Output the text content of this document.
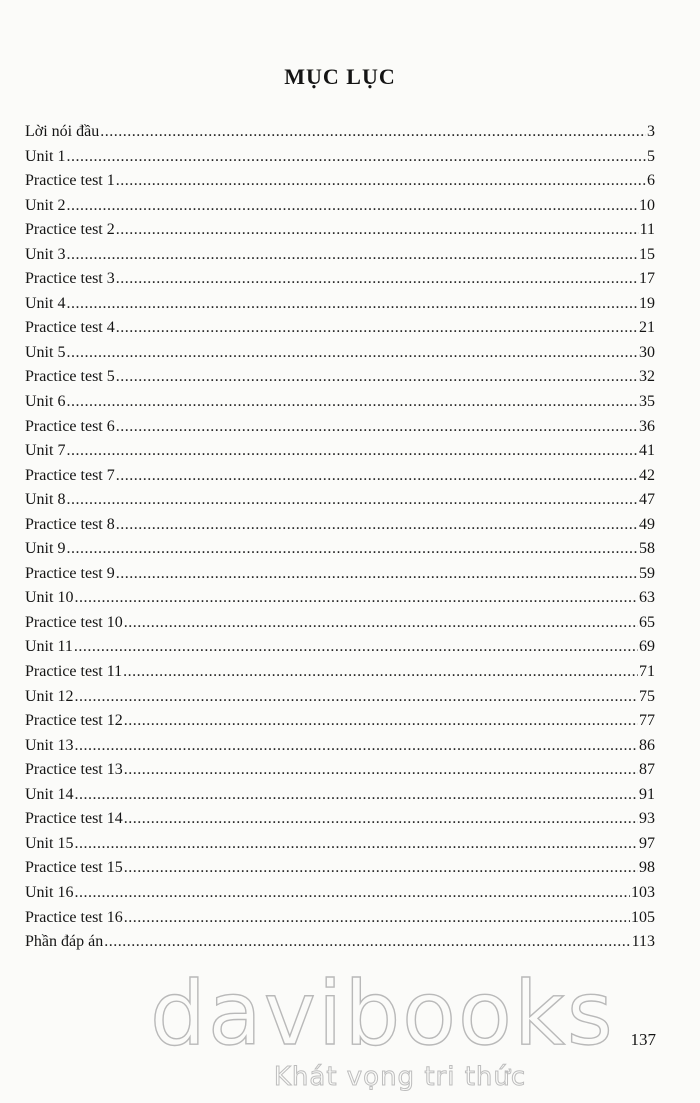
MỤC LỤC
Lời nói đầu .....	3
Unit 1 .....	5
Practice test 1 .....	6
Unit 2 .....	10
Practice test 2 .....	11
Unit 3 .....	15
Practice test 3 .....	17
Unit 4 .....	19
Practice test 4 .....	21
Unit 5 .....	30
Practice test 5 .....	32
Unit 6 .....	35
Practice test 6 .....	36
Unit 7 .....	41
Practice test 7 .....	42
Unit 8 .....	47
Practice test 8 .....	49
Unit 9 .....	58
Practice test 9 .....	59
Unit 10 .....	63
Practice test 10 .....	65
Unit 11 .....	69
Practice test 11 .....	71
Unit 12 .....	75
Practice test 12 .....	77
Unit 13 .....	86
Practice test 13 .....	87
Unit 14 .....	91
Practice test 14 .....	93
Unit 15 .....	97
Practice test 15 .....	98
Unit 16 .....	103
Practice test 16 .....	105
Phần đáp án .....	113
137
davibooks
Khát vọng tri thức
